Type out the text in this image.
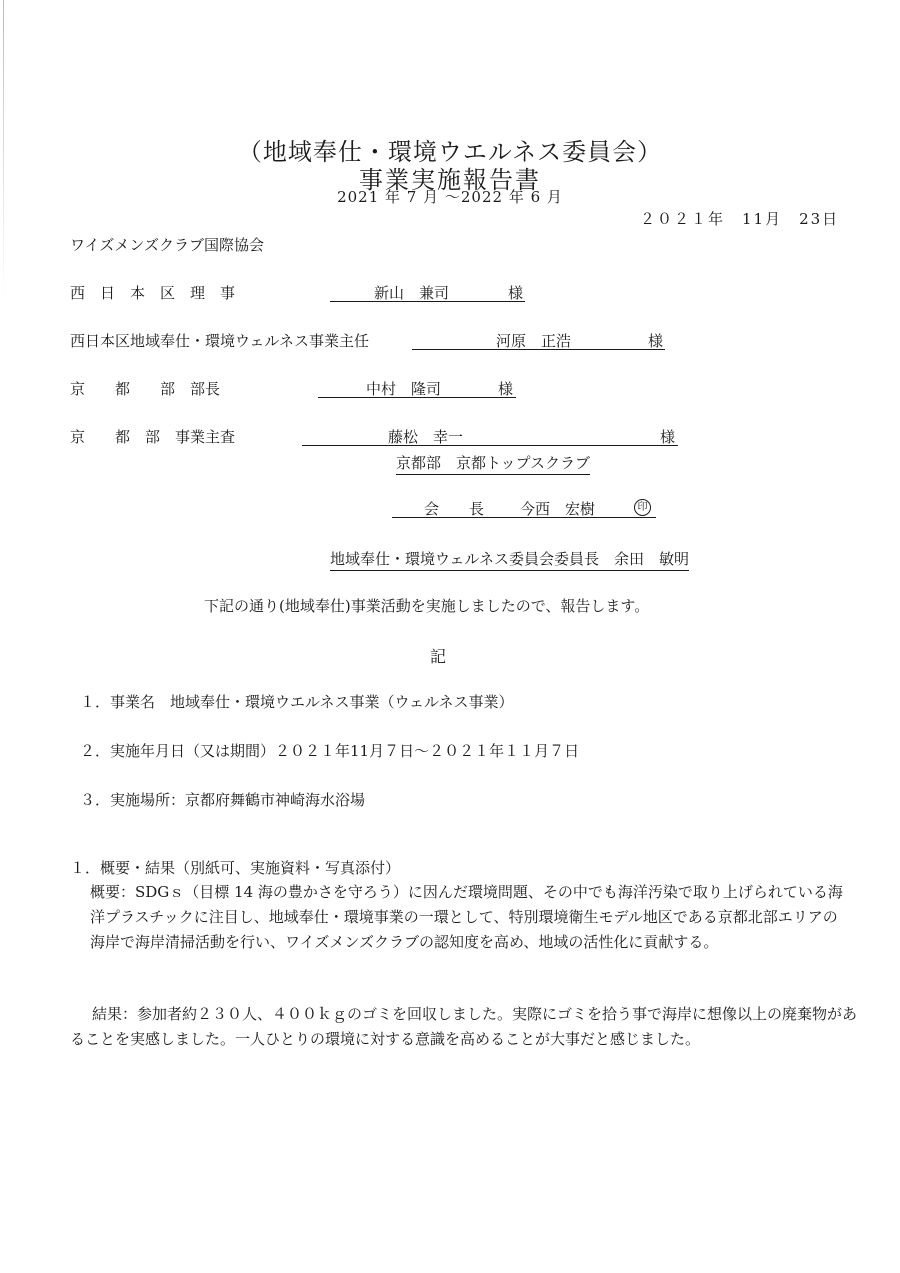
（地域奉仕・環境ウエルネス委員会）
事業実施報告書
2021 年 7 月 〜2022 年 6 月
２０２１年　11月　23日
ワイズメンズクラブ国際協会
西　日　本　区　理　事	新山　兼司	様

西日本区地域奉仕・環境ウェルネス事業主任	河原　正浩	様

京　　都　　部　部長	中村　隆司	様

京　　都　部　事業主査	藤松　幸一	様

京都部　京都トップスクラブ
会　　長 今西　宏樹	印

地域奉仕・環境ウェルネス委員会委員長　余田　敏明
下記の通り(地域奉仕)事業活動を実施しましたので、報告します。
記
１．事業名　地域奉仕・環境ウエルネス事業（ウェルネス事業）
２．実施年月日（又は期間）２０２１年11月７日〜２０２１年１１月７日
３．実施場所：京都府舞鶴市神崎海水浴場
１．概要・結果（別紙可、実施資料・写真添付）
概要：SDGｓ（目標 14 海の豊かさを守ろう）に因んだ環境問題、その中でも海洋汚染で取り上げられている海洋プラスチックに注目し、地域奉仕・環境事業の一環として、特別環境衛生モデル地区である京都北部エリアの海岸で海岸清掃活動を行い、ワイズメンズクラブの認知度を高め、地域の活性化に貢献する。
結果：参加者約２３０人、４００ｋｇのゴミを回収しました。実際にゴミを拾う事で海岸に想像以上の廃棄物があることを実感しました。一人ひとりの環境に対する意識を高めることが大事だと感じました。
